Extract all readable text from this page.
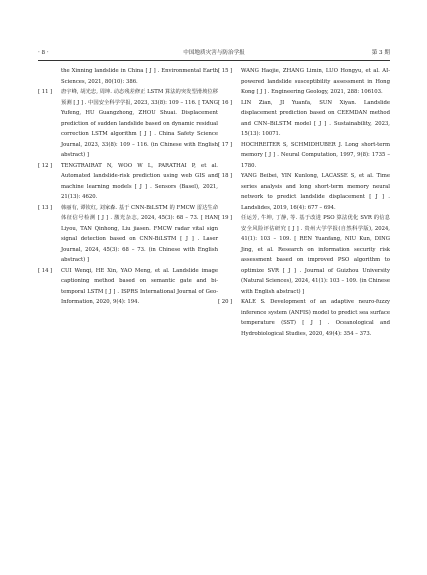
· 8 ·	中国地质灾害与防治学报	第 3 期
the Xinning landslide in China [ J ] . Environmental Earth Sciences, 2021, 80(10): 386.
[ 11 ] 唐宇峰, 胡光忠, 周坤. 动态残差修正 LSTM 算法的突发型滑坡位移预测 [ J ] . 中国安全科学学报, 2023, 33(8): 109 – 116. [ TANG Yufeng, HU Guangzhong, ZHOU Shuai. Displacement prediction of sudden landslide based on dynamic residual correction LSTM algorithm [ J ] . China Safety Science Journal, 2023, 33(8): 109 – 116. (in Chinese with English abstract) ]
[ 12 ] TENGTRAIRAT N, WOO W L, PARATHAI P, et al. Automated landslide-risk prediction using web GIS and machine learning models [ J ] . Sensors (Basel), 2021, 21(13): 4620.
[ 13 ] 韩丽有, 谭钦红, 刘家森. 基于 CNN-BiLSTM 的 FMCW 雷达生命体征信号检测 [ J ] . 激光杂志, 2024, 45(3): 68 – 73. [ HAN Liyou, TAN Qinhong, Liu jiasen. FMCW radar vital sign signal detection based on CNN-BiLSTM [ J ] . Laser Journal, 2024, 45(3): 68 – 73. (in Chinese with English abstract) ]
[ 14 ] CUI Wenqi, HE Xin, YAO Meng, et al. Landslide image captioning method based on semantic gate and bi-temporal LSTM [ J ] . ISPRS International Journal of Geo-Information, 2020, 9(4): 194.
[ 15 ] WANG Haojie, ZHANG Limin, LUO Hongyu, et al. AI-powered landslide susceptibility assessment in Hong Kong [ J ] . Engineering Geology, 2021, 288: 106103.
[ 16 ] LIN Zian, JI Yuanfa, SUN Xiyan. Landslide displacement prediction based on CEEMDAN method and CNN–BiLSTM model [ J ] . Sustainability, 2023, 15(13): 10071.
[ 17 ] HOCHREITER S, SCHMIDHUBER J. Long short-term memory [ J ] . Neural Computation, 1997, 9(8): 1735 – 1780.
[ 18 ] YANG Beibei, YIN Kunlong, LACASSE S, et al. Time series analysis and long short-term memory neural network to predict landslide displacement [ J ] . Landslides, 2019, 16(4): 677 – 694.
[ 19 ] 任运芳, 牛坤, 丁静, 等. 基于改进 PSO 算法优化 SVR 的信息安全风险评估研究 [ J ] . 贵州大学学报(自然科学版), 2024, 41(1): 103 – 109. [ REN Yuanfang, NIU Kun, DING Jing, et al. Research on information security risk assessment based on improved PSO algorithm to optimize SVR [ J ] . Journal of Guizhou University (Natural Sciences), 2024, 41(1): 103 – 109. (in Chinese with English abstract) ]
[ 20 ] KALE S. Development of an adaptive neuro-fuzzy inference system (ANFIS) model to predict sea surface temperature (SST) [ J ] . Oceanological and Hydrobiological Studies, 2020, 49(4): 354 – 373.
